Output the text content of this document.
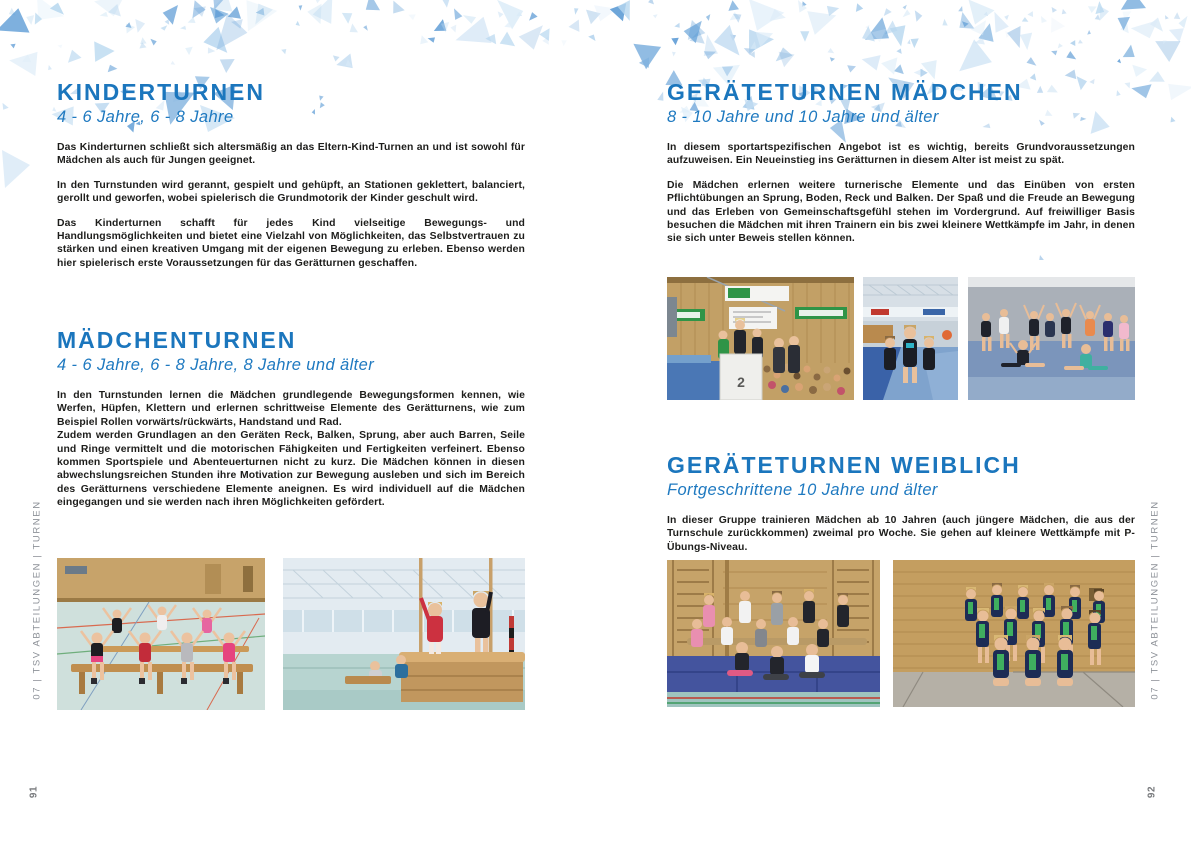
KINDERTURNEN
4 - 6 Jahre, 6 - 8 Jahre

Das Kinderturnen schließt sich altersmäßig an das Eltern-Kind-Turnen an und ist sowohl für Mädchen als auch für Jungen geeignet.

In den Turnstunden wird gerannt, gespielt und gehüpft, an Stationen geklettert, balanciert, gerollt und geworfen, wobei spielerisch die Grundmotorik der Kinder geschult wird.

Das Kinderturnen schafft für jedes Kind vielseitige Bewegungs- und Handlungsmöglichkeiten und bietet eine Vielzahl von Möglichkeiten, das Selbstvertrauen zu stärken und einen kreativen Umgang mit der eigenen Bewegung zu erleben. Ebenso werden hier spielerisch erste Voraussetzungen für das Gerätturnen geschaffen.

MÄDCHENTURNEN
4 - 6 Jahre, 6 - 8 Jahre, 8 Jahre und älter

In den Turnstunden lernen die Mädchen grundlegende Bewegungsformen kennen, wie Werfen, Hüpfen, Klettern und erlernen schrittweise Elemente des Gerätturnens, wie zum Beispiel Rollen vorwärts/rückwärts, Handstand und Rad.

Zudem werden Grundlagen an den Geräten Reck, Balken, Sprung, aber auch Barren, Seile und Ringe vermittelt und die motorischen Fähigkeiten und Fertigkeiten verfeinert. Ebenso kommen Sportspiele und Abenteuerturnen nicht zu kurz. Die Mädchen können in diesen abwechslungsreichen Stunden ihre Motivation zur Bewegung ausleben und sich im Bereich des Gerätturnens verschiedene Elemente aneignen. Es wird individuell auf die Mädchen eingegangen und sie werden nach ihren Möglichkeiten gefördert.

07 | TSV ABTEILUNGEN | TURNEN
91
GERÄTETURNEN MÄDCHEN
8 - 10 Jahre und 10 Jahre und älter

In diesem sportartspezifischen Angebot ist es wichtig, bereits Grundvoraussetzungen aufzuweisen. Ein Neueinstieg ins Gerätturnen in diesem Alter ist meist zu spät.

Die Mädchen erlernen weitere turnerische Elemente und das Einüben von ersten Pflichtübungen an Sprung, Boden, Reck und Balken. Der Spaß und die Freude an Bewegung und das Erleben von Gemeinschaftsgefühl stehen im Vordergrund. Auf freiwilliger Basis besuchen die Mädchen mit ihren Trainern ein bis zwei kleinere Wettkämpfe im Jahr, in denen sie sich unter Beweis stellen können.

2
GERÄTETURNEN WEIBLICH
Fortgeschrittene 10 Jahre und älter

In dieser Gruppe trainieren Mädchen ab 10 Jahren (auch jüngere Mädchen, die aus der Turnschule zurückkommen) zweimal pro Woche. Sie gehen auf kleinere Wettkämpfe mit P-Übungs-Niveau.	07 | TSV ABTEILUNGEN | TURNEN
92
